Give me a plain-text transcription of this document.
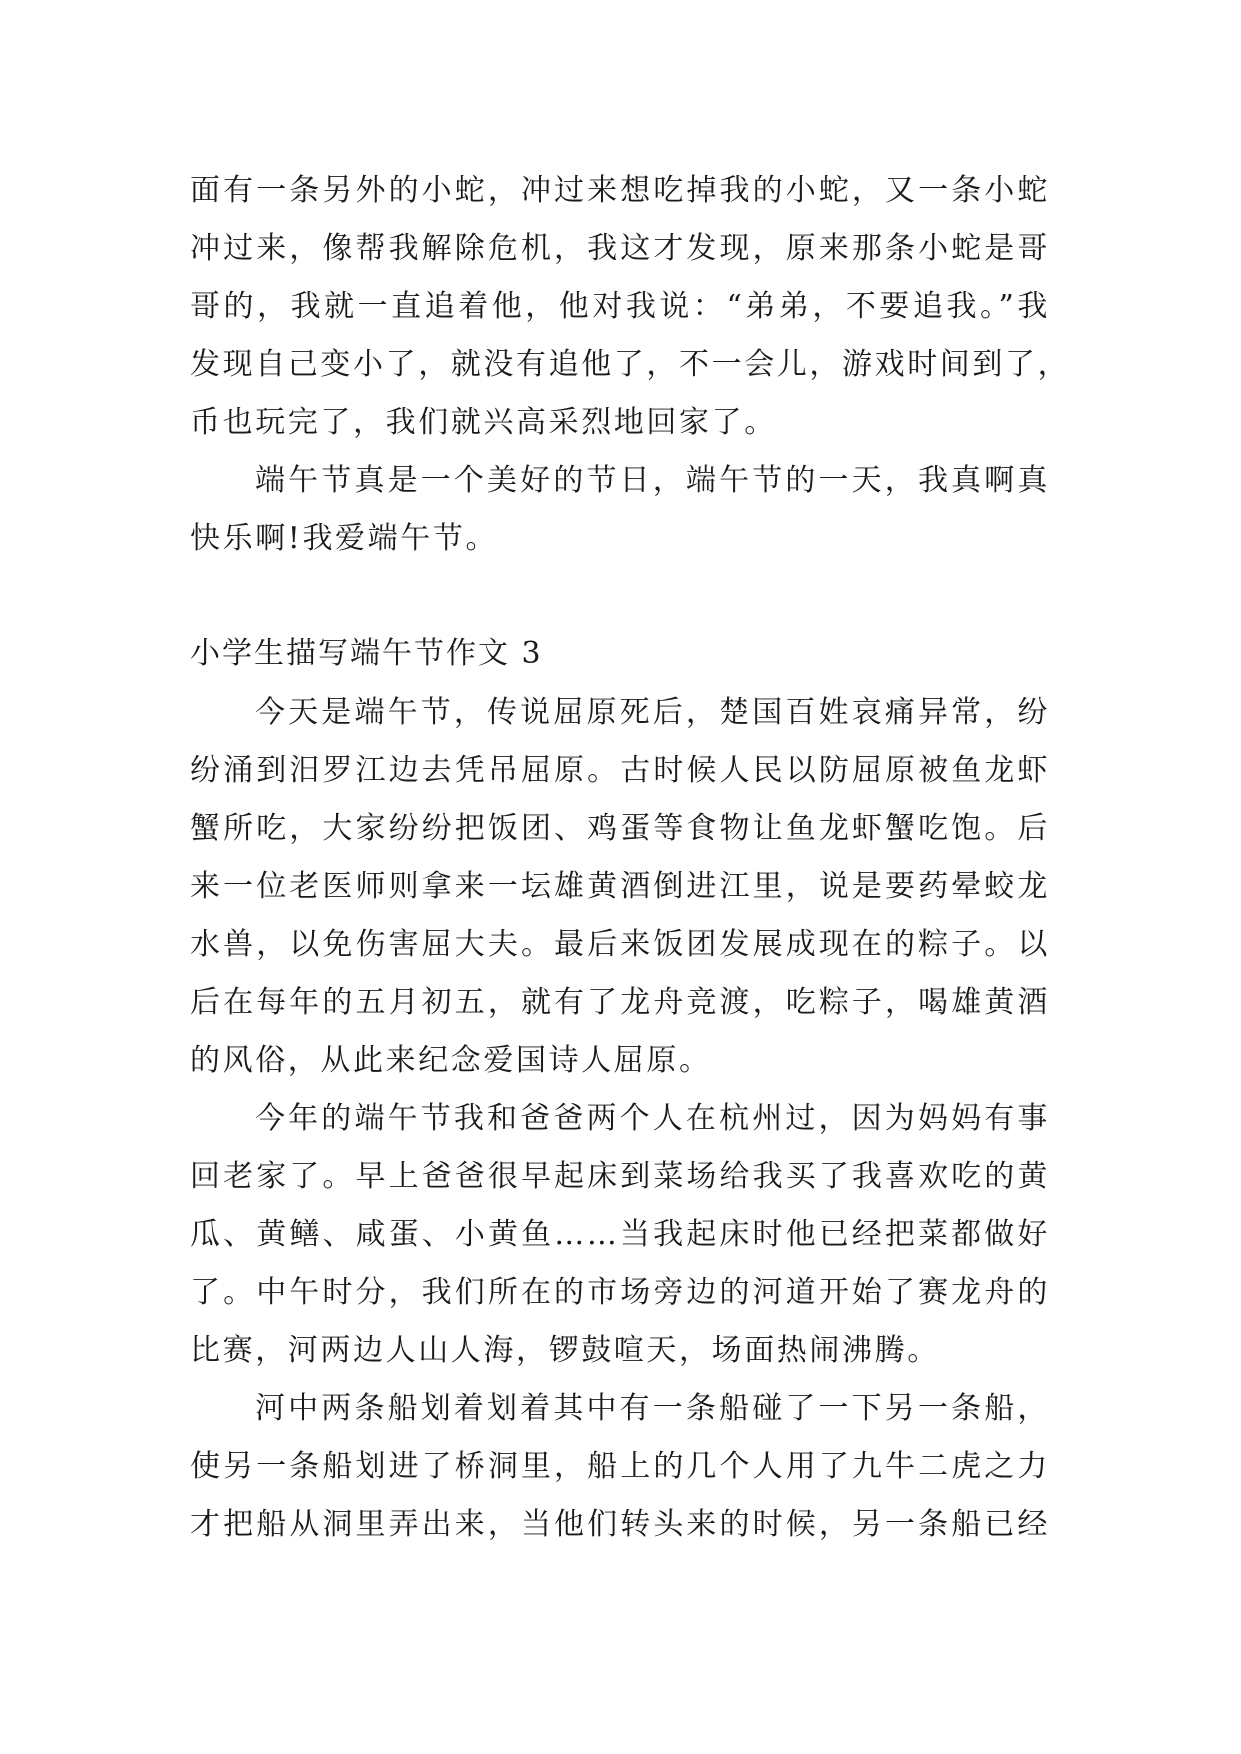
面有一条另外的小蛇，冲过来想吃掉我的小蛇，又一条小蛇
冲过来，像帮我解除危机，我这才发现，原来那条小蛇是哥
哥的，我就一直追着他，他对我说：“弟弟，不要追我。”我
发现自己变小了，就没有追他了，不一会儿，游戏时间到了，
币也玩完了，我们就兴高采烈地回家了。
端午节真是一个美好的节日，端午节的一天，我真啊真
快乐啊!我爱端午节。
小学生描写端午节作文 3
今天是端午节，传说屈原死后，楚国百姓哀痛异常，纷
纷涌到汨罗江边去凭吊屈原。古时候人民以防屈原被鱼龙虾
蟹所吃，大家纷纷把饭团、鸡蛋等食物让鱼龙虾蟹吃饱。后
来一位老医师则拿来一坛雄黄酒倒进江里，说是要药晕蛟龙
水兽，以免伤害屈大夫。最后来饭团发展成现在的粽子。以
后在每年的五月初五，就有了龙舟竞渡，吃粽子，喝雄黄酒
的风俗，从此来纪念爱国诗人屈原。
今年的端午节我和爸爸两个人在杭州过，因为妈妈有事
回老家了。早上爸爸很早起床到菜场给我买了我喜欢吃的黄
瓜、黄鳝、咸蛋、小黄鱼……当我起床时他已经把菜都做好
了。中午时分，我们所在的市场旁边的河道开始了赛龙舟的
比赛，河两边人山人海，锣鼓喧天，场面热闹沸腾。
河中两条船划着划着其中有一条船碰了一下另一条船，
使另一条船划进了桥洞里，船上的几个人用了九牛二虎之力
才把船从洞里弄出来，当他们转头来的时候，另一条船已经
